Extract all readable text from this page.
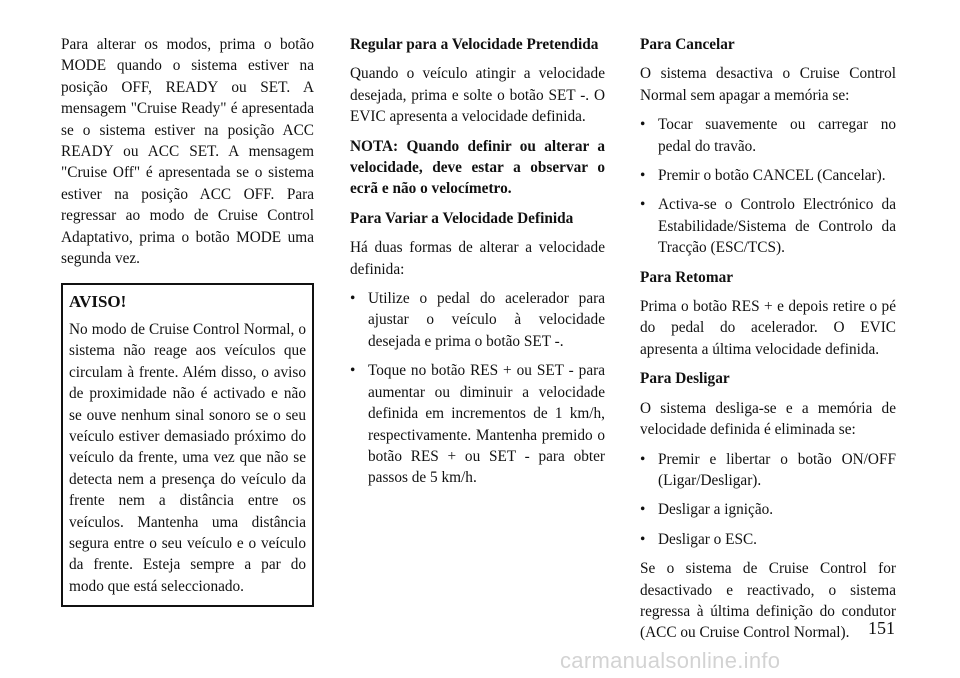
Para alterar os modos, prima o botão MODE quando o sistema estiver na posição OFF, READY ou SET. A mensagem "Cruise Ready" é apresentada se o sistema estiver na posição ACC READY ou ACC SET. A mensagem "Cruise Off" é apresentada se o sistema estiver na posição ACC OFF. Para regressar ao modo de Cruise Control Adaptativo, prima o botão MODE uma segunda vez.

AVISO!

No modo de Cruise Control Normal, o sistema não reage aos veículos que circulam à frente. Além disso, o aviso de proximidade não é activado e não se ouve nenhum sinal sonoro se o seu veículo estiver demasiado próximo do veículo da frente, uma vez que não se detecta nem a presença do veículo da frente nem a distância entre os veículos. Mantenha uma distância segura entre o seu veículo e o veículo da frente. Esteja sempre a par do modo que está seleccionado.

Regular para a Velocidade Pretendida

Quando o veículo atingir a velocidade desejada, prima e solte o botão SET -. O EVIC apresenta a velocidade definida.

NOTA: Quando definir ou alterar a velocidade, deve estar a observar o ecrã e não o velocímetro.

Para Variar a Velocidade Definida

Há duas formas de alterar a velocidade definida:

• Utilize o pedal do acelerador para ajustar o veículo à velocidade desejada e prima o botão SET -.
• Toque no botão RES + ou SET - para aumentar ou diminuir a velocidade definida em incrementos de 1 km/h, respectivamente. Mantenha premido o botão RES + ou SET - para obter passos de 5 km/h.
Para Cancelar

O sistema desactiva o Cruise Control Normal sem apagar a memória se:

• Tocar suavemente ou carregar no pedal do travão.
• Premir o botão CANCEL (Cancelar).
• Activa-se o Controlo Electrónico da Estabilidade/Sistema de Controlo da Tracção (ESC/TCS).
Para Retomar

Prima o botão RES + e depois retire o pé do pedal do acelerador. O EVIC apresenta a última velocidade definida.

Para Desligar

O sistema desliga-se e a memória de velocidade definida é eliminada se:

• Premir e libertar o botão ON/OFF (Ligar/Desligar).
• Desligar a ignição.
• Desligar o ESC.

Se o sistema de Cruise Control for desactivado e reactivado, o sistema regressa à última definição do condutor (ACC ou Cruise Control Normal).	151
carmanualsonline.info
